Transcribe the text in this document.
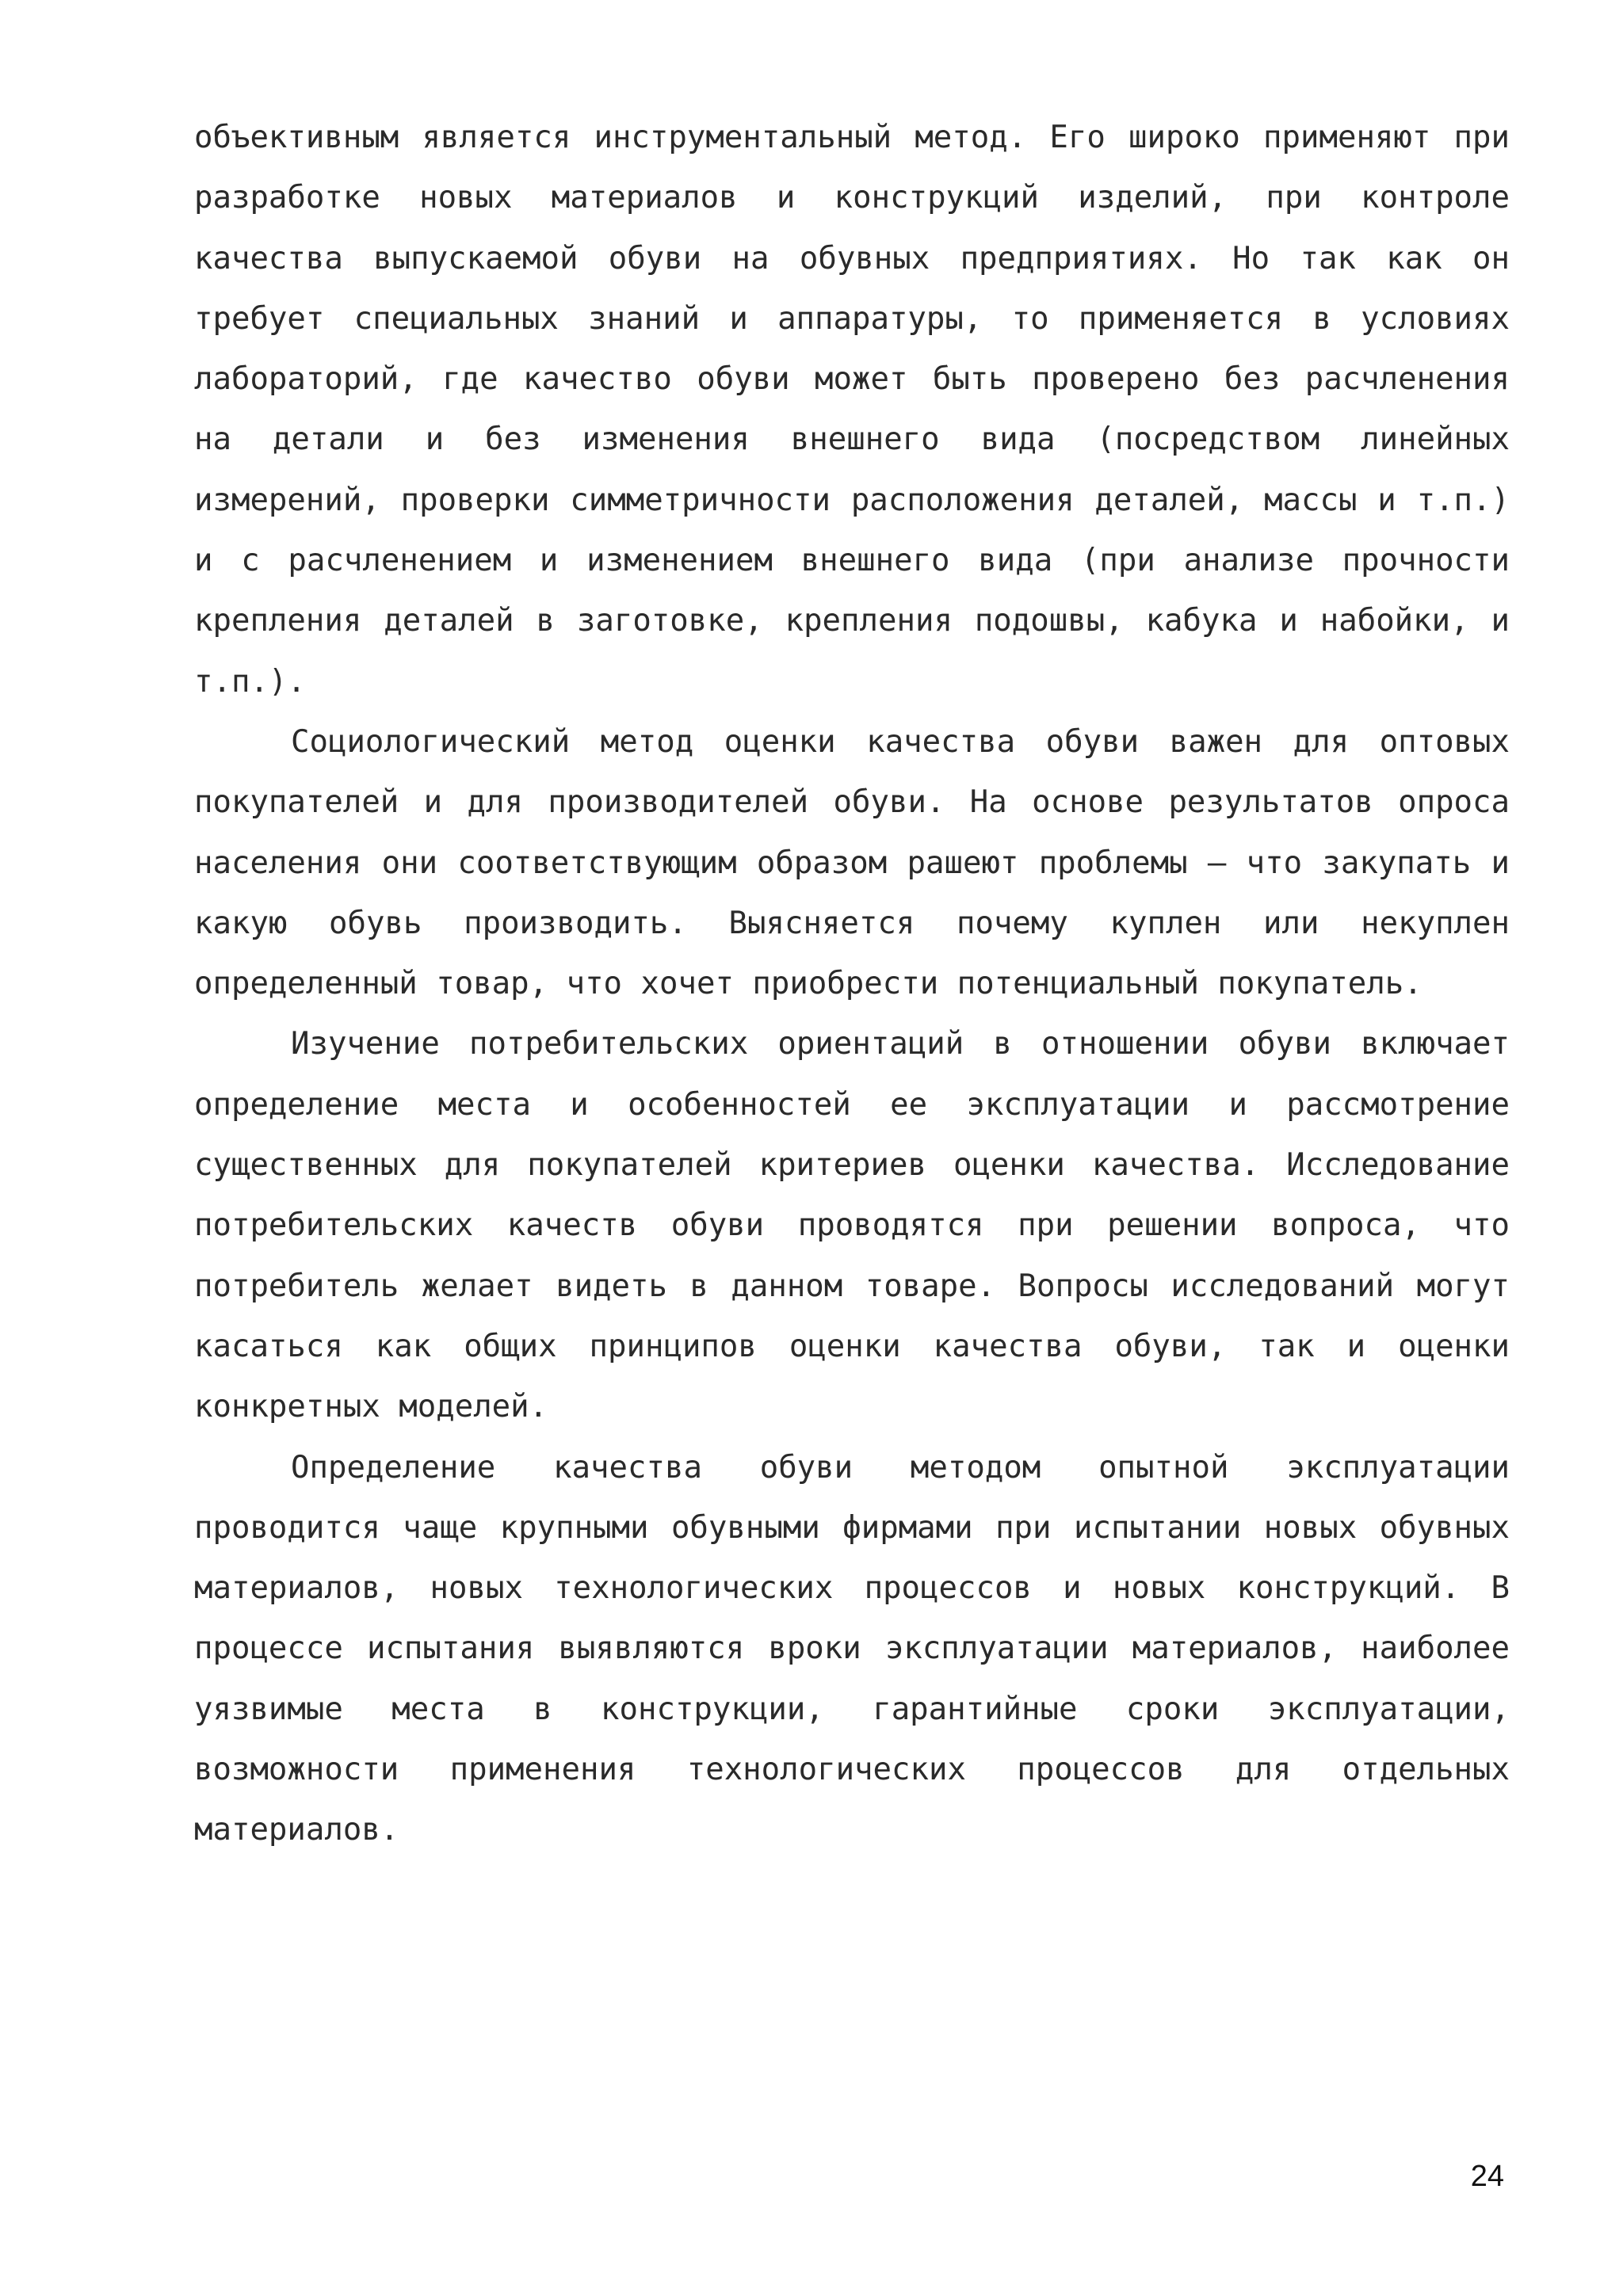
объективным является инструментальный метод. Его широко применяют при разработке новых материалов и конструкций изделий, при контроле качества выпускаемой обуви на обувных предприятиях. Но так как он требует специальных знаний и аппаратуры, то применяется в условиях лабораторий, где качество обуви может быть проверено без расчленения на детали и без изменения внешнего вида (посредством линейных измерений, проверки симметричности расположения деталей, массы и т.п.) и с расчленением и изменением внешнего вида (при анализе прочности крепления деталей в заготовке, крепления подошвы, кабука и набойки, и т.п.).

Социологический метод оценки качества обуви важен для оптовых покупателей и для производителей обуви. На основе результатов опроса населения они соответствующим образом рашеют проблемы – что закупать и какую обувь производить. Выясняется почему куплен или некуплен определенный товар, что хочет приобрести потенциальный покупатель.

Изучение потребительских ориентаций в отношении обуви включает определение места и особенностей ее эксплуатации и рассмотрение существенных для покупателей критериев оценки качества. Исследование потребительских качеств обуви проводятся при решении вопроса, что потребитель желает видеть в данном товаре. Вопросы исследований могут касаться как общих принципов оценки качества обуви, так и оценки конкретных моделей.

Определение качества обуви методом опытной эксплуатации проводится чаще крупными обувными фирмами при испытании новых обувных материалов, новых технологических процессов и новых конструкций. В процессе испытания выявляются вроки эксплуатации материалов, наиболее уязвимые места в конструкции, гарантийные сроки эксплуатации, возможности применения технологических процессов для отдельных материалов.

24
